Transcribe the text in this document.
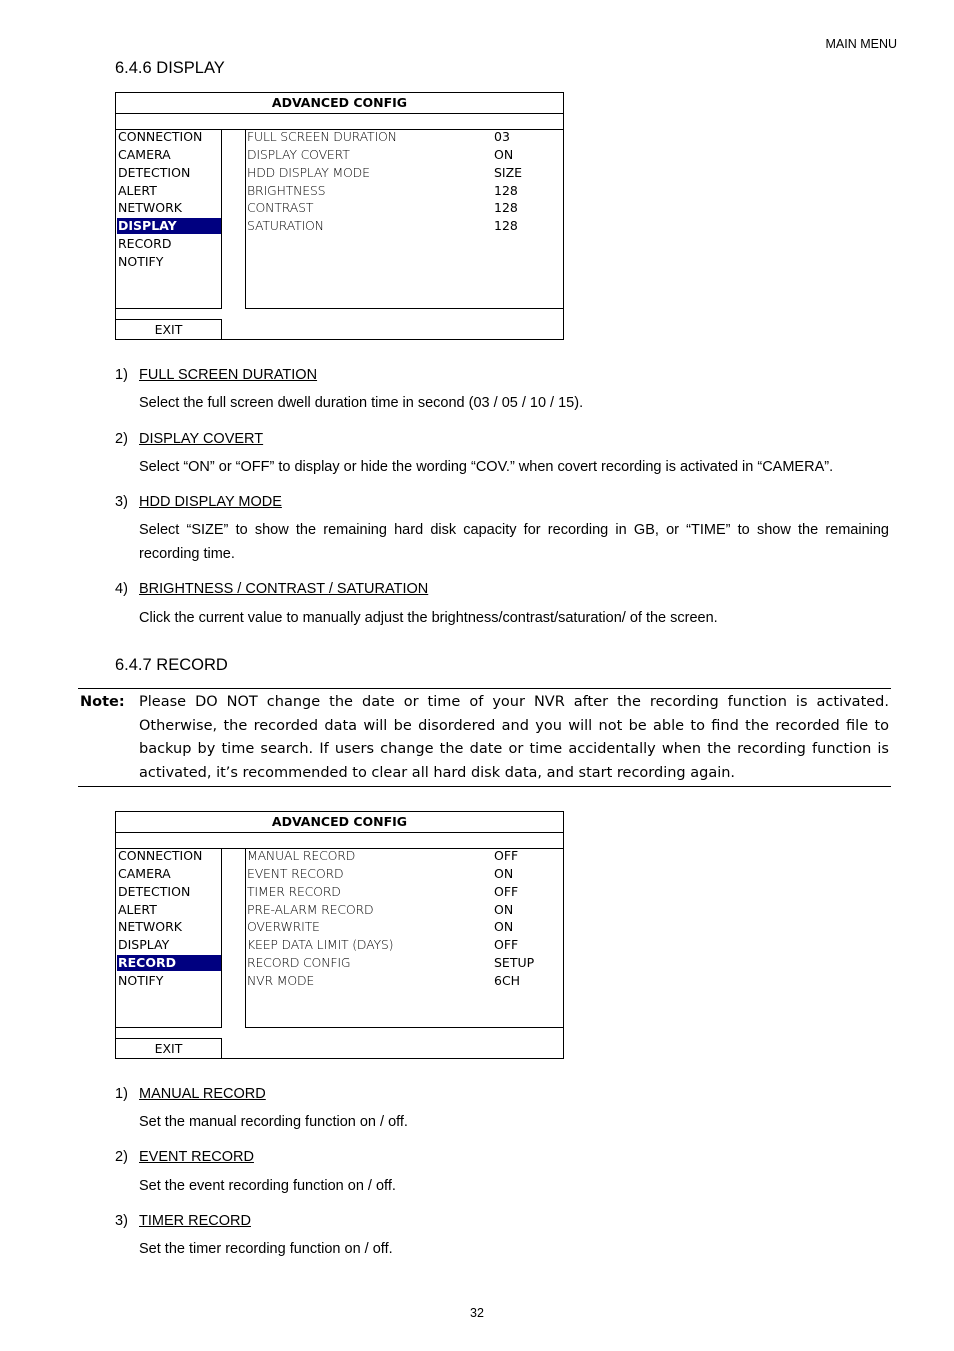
MAIN MENU
6.4.6 DISPLAY
ADVANCED CONFIG
CONNECTION
CAMERA
DETECTION
ALERT
NETWORK
DISPLAY
RECORD
NOTIFY
FULL SCREEN DURATION	03
DISPLAY COVERT	ON
HDD DISPLAY MODE	SIZE
BRIGHTNESS	128
CONTRAST	128
SATURATION	128
EXIT
1) FULL SCREEN DURATION
Select the full screen dwell duration time in second (03 / 05 / 10 / 15).
2) DISPLAY COVERT
Select “ON” or “OFF” to display or hide the wording “COV.” when covert recording is activated in “CAMERA”.
3) HDD DISPLAY MODE
Select “SIZE” to show the remaining hard disk capacity for recording in GB, or “TIME” to show the remaining recording time.
4) BRIGHTNESS / CONTRAST / SATURATION
Click the current value to manually adjust the brightness/contrast/saturation/ of the screen.
6.4.7 RECORD
Note: Please DO NOT change the date or time of your NVR after the recording function is activated. Otherwise, the recorded data will be disordered and you will not be able to find the recorded file to backup by time search. If users change the date or time accidentally when the recording function is activated, it’s recommended to clear all hard disk data, and start recording again.
ADVANCED CONFIG
CONNECTION
CAMERA
DETECTION
ALERT
NETWORK
DISPLAY
RECORD
NOTIFY
MANUAL RECORD	OFF
EVENT RECORD	ON
TIMER RECORD	OFF
PRE-ALARM RECORD	ON
OVERWRITE	ON
KEEP DATA LIMIT (DAYS)	OFF
RECORD CONFIG	SETUP
NVR MODE	6CH
EXIT
1) MANUAL RECORD
Set the manual recording function on / off.
2) EVENT RECORD
Set the event recording function on / off.
3) TIMER RECORD
Set the timer recording function on / off.
32
